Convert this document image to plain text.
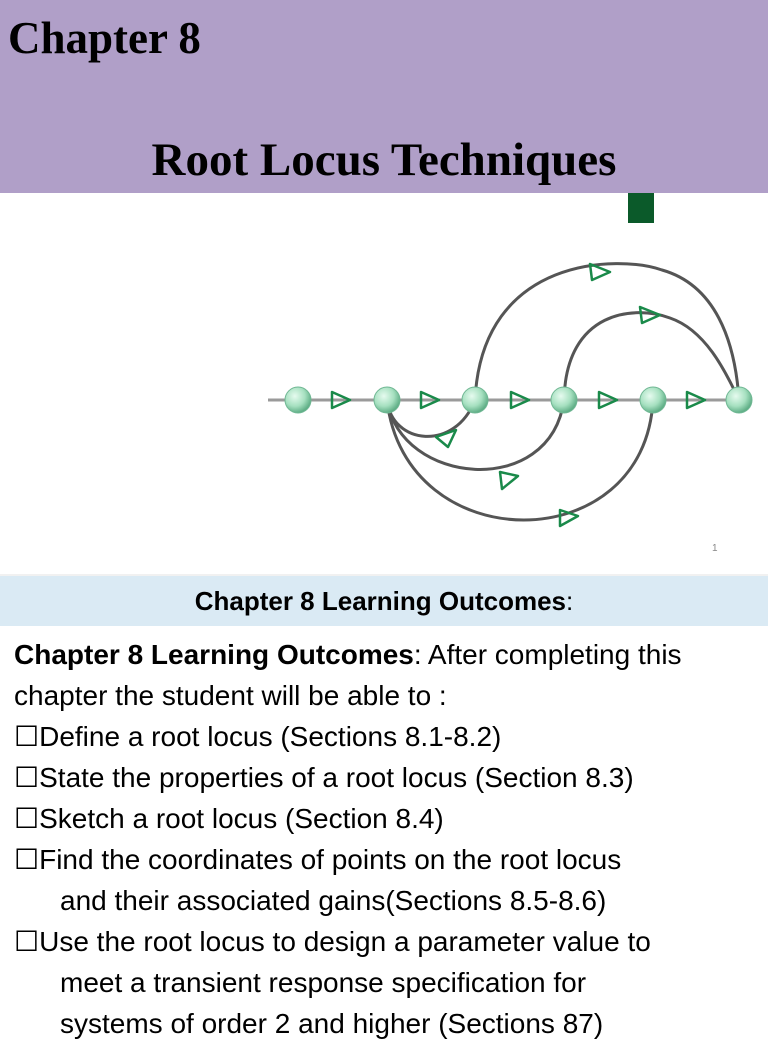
Chapter 8
Root Locus Techniques
1
Chapter 8 Learning Outcomes:
Chapter 8 Learning Outcomes: After completing this
chapter the student will be able to :
☐Define a root locus (Sections 8.1-8.2)
☐State the properties of a root locus (Section 8.3)
☐Sketch a root locus (Section 8.4)
☐Find the coordinates of points on the root locus
and their associated gains(Sections 8.5-8.6)
☐Use the root locus to design a parameter value to
meet a transient response specification for
systems of order 2 and higher (Sections 87)
